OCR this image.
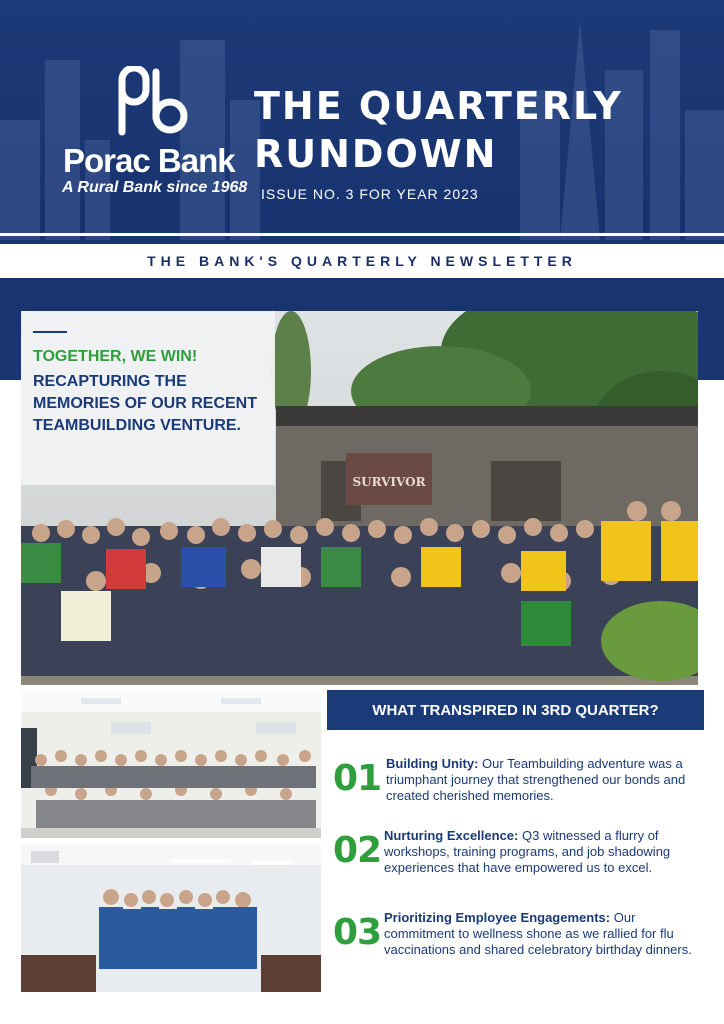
Porac Bank
A Rural Bank since 1968
THE QUARTERLY
RUNDOWN
ISSUE NO. 3 FOR YEAR 2023
THE BANK'S QUARTERLY NEWSLETTER
SURVIVOR
TOGETHER, WE WIN!
RECAPTURING THE MEMORIES OF OUR RECENT TEAMBUILDING VENTURE.
WHAT TRANSPIRED IN 3RD QUARTER?
01 Building Unity: Our Teambuilding adventure was a triumphant journey that strengthened our bonds and created cherished memories.
02 Nurturing Excellence: Q3 witnessed a flurry of workshops, training programs, and job shadowing experiences that have empowered us to excel.
03 Prioritizing Employee Engagements: Our commitment to wellness shone as we rallied for flu vaccinations and shared celebratory birthday dinners.
